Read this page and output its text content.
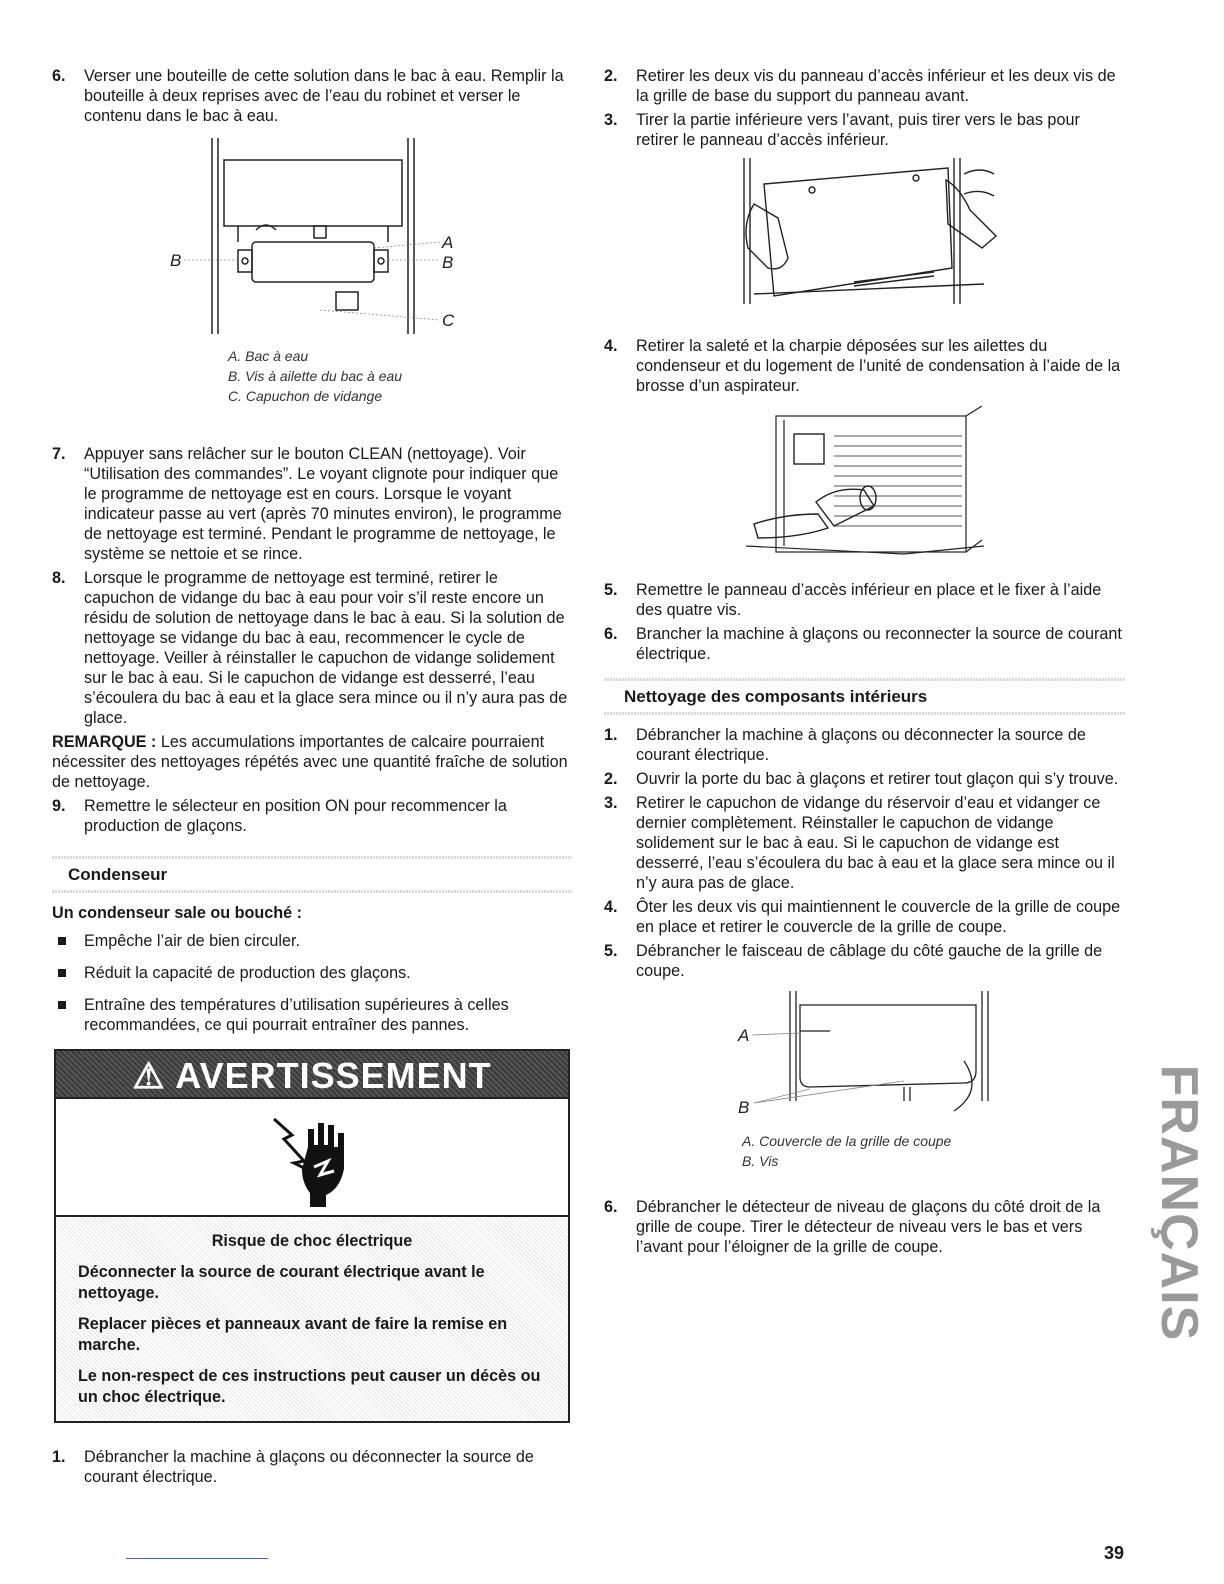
6. Verser une bouteille de cette solution dans le bac à eau. Remplir la bouteille à deux reprises avec de l’eau du robinet et verser le contenu dans le bac à eau.
B
A
B
C
A. Bac à eau
B. Vis à ailette du bac à eau
C. Capuchon de vidange
7. Appuyer sans relâcher sur le bouton CLEAN (nettoyage). Voir “Utilisation des commandes”. Le voyant clignote pour indiquer que le programme de nettoyage est en cours. Lorsque le voyant indicateur passe au vert (après 70 minutes environ), le programme de nettoyage est terminé. Pendant le programme de nettoyage, le système se nettoie et se rince.
8. Lorsque le programme de nettoyage est terminé, retirer le capuchon de vidange du bac à eau pour voir s’il reste encore un résidu de solution de nettoyage dans le bac à eau. Si la solution de nettoyage se vidange du bac à eau, recommencer le cycle de nettoyage. Veiller à réinstaller le capuchon de vidange solidement sur le bac à eau. Si le capuchon de vidange est desserré, l’eau s’écoulera du bac à eau et la glace sera mince ou il n’y aura pas de glace.
REMARQUE : Les accumulations importantes de calcaire pourraient nécessiter des nettoyages répétés avec une quantité fraîche de solution de nettoyage.
9. Remettre le sélecteur en position ON pour recommencer la production de glaçons.
Condenseur
Un condenseur sale ou bouché :
Empêche l’air de bien circuler.
Réduit la capacité de production des glaçons.
Entraîne des températures d’utilisation supérieures à celles recommandées, ce qui pourrait entraîner des pannes.
⚠ AVERTISSEMENT
Risque de choc électrique
Déconnecter la source de courant électrique avant le nettoyage.
Replacer pièces et panneaux avant de faire la remise en marche.
Le non-respect de ces instructions peut causer un décès ou un choc électrique.
1. Débrancher la machine à glaçons ou déconnecter la source de courant électrique.
2. Retirer les deux vis du panneau d’accès inférieur et les deux vis de la grille de base du support du panneau avant.
3. Tirer la partie inférieure vers l’avant, puis tirer vers le bas pour retirer le panneau d’accès inférieur.
4. Retirer la saleté et la charpie déposées sur les ailettes du condenseur et du logement de l’unité de condensation à l’aide de la brosse d’un aspirateur.
5. Remettre le panneau d’accès inférieur en place et le fixer à l’aide des quatre vis.
6. Brancher la machine à glaçons ou reconnecter la source de courant électrique.
Nettoyage des composants intérieurs
1. Débrancher la machine à glaçons ou déconnecter la source de courant électrique.
2. Ouvrir la porte du bac à glaçons et retirer tout glaçon qui s’y trouve.
3. Retirer le capuchon de vidange du réservoir d’eau et vidanger ce dernier complètement. Réinstaller le capuchon de vidange solidement sur le bac à eau. Si le capuchon de vidange est desserré, l’eau s’écoulera du bac à eau et la glace sera mince ou il n’y aura pas de glace.
4. Ôter les deux vis qui maintiennent le couvercle de la grille de coupe en place et retirer le couvercle de la grille de coupe.
5. Débrancher le faisceau de câblage du côté gauche de la grille de coupe.
A
B
A. Couvercle de la grille de coupe
B. Vis
6. Débrancher le détecteur de niveau de glaçons du côté droit de la grille de coupe. Tirer le détecteur de niveau vers le bas et vers l’avant pour l’éloigner de la grille de coupe.	FRANÇAIS
39
